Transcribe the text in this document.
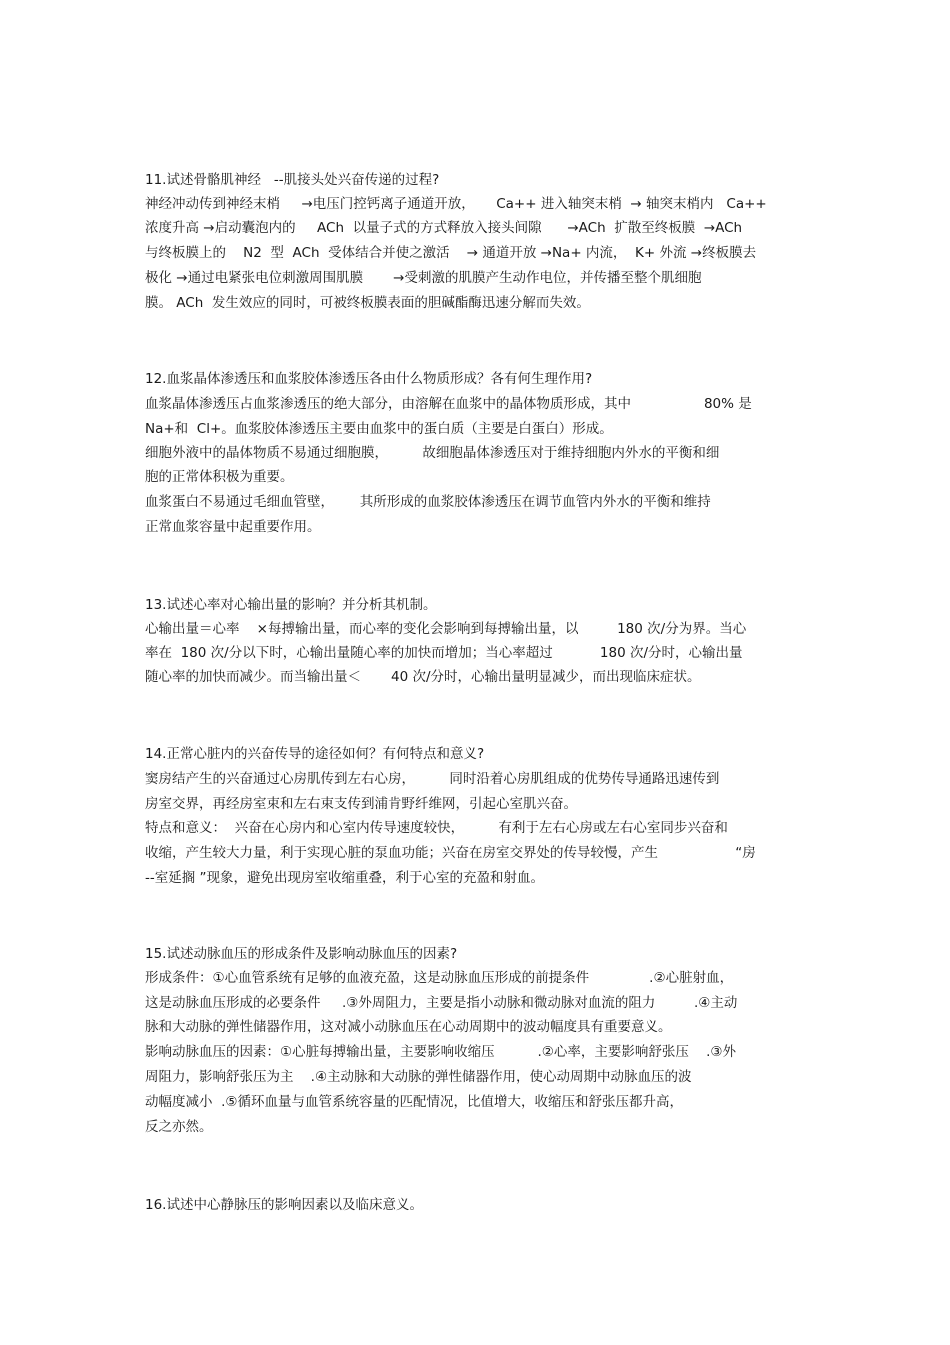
11.试述骨骼肌神经   --肌接头处兴奋传递的过程?
神经冲动传到神经末梢     →电压门控钙离子通道开放，     Ca++ 进入轴突末梢  → 轴突末梢内   Ca++
浓度升高 →启动囊泡内的     ACh  以量子式的方式释放入接头间隙      →ACh  扩散至终板膜  →ACh
与终板膜上的    N2  型  ACh  受体结合并使之激活    → 通道开放 →Na+ 内流，  K+ 外流 →终板膜去
极化 →通过电紧张电位刺激周围肌膜       →受刺激的肌膜产生动作电位，并传播至整个肌细胞
膜。 ACh  发生效应的同时，可被终板膜表面的胆碱酯酶迅速分解而失效。
12.血浆晶体渗透压和血浆胶体渗透压各由什么物质形成？各有何生理作用?
血浆晶体渗透压占血浆渗透压的绝大部分，由溶解在血浆中的晶体物质形成，其中                 80% 是
Na+和  Cl+。血浆胶体渗透压主要由血浆中的蛋白质（主要是白蛋白）形成。
细胞外液中的晶体物质不易通过细胞膜，        故细胞晶体渗透压对于维持细胞内外水的平衡和细
胞的正常体积极为重要。
血浆蛋白不易通过毛细血管壁，      其所形成的血浆胶体渗透压在调节血管内外水的平衡和维持
正常血浆容量中起重要作用。
13.试述心率对心输出量的影响？并分析其机制。
心输出量＝心率    ×每搏输出量，而心率的变化会影响到每搏输出量，以         180 次/分为界。当心
率在  180 次/分以下时，心输出量随心率的加快而增加；当心率超过           180 次/分时，心输出量
随心率的加快而减少。而当输出量＜       40 次/分时，心输出量明显减少，而出现临床症状。
14.正常心脏内的兴奋传导的途径如何？有何特点和意义?
窦房结产生的兴奋通过心房肌传到左右心房，        同时沿着心房肌组成的优势传导通路迅速传到
房室交界，再经房室束和左右束支传到浦肯野纤维网，引起心室肌兴奋。
特点和意义：  兴奋在心房内和心室内传导速度较快，        有利于左右心房或左右心室同步兴奋和
收缩，产生较大力量，利于实现心脏的泵血功能；兴奋在房室交界处的传导较慢，产生                  “房
--室延搁 ”现象，避免出现房室收缩重叠，利于心室的充盈和射血。
15.试述动脉血压的形成条件及影响动脉血压的因素?
形成条件：①心血管系统有足够的血液充盈，这是动脉血压形成的前提条件              .②心脏射血，
这是动脉血压形成的必要条件     .③外周阻力，主要是指小动脉和微动脉对血流的阻力         .④主动
脉和大动脉的弹性储器作用，这对减小动脉血压在心动周期中的波动幅度具有重要意义。
影响动脉血压的因素：①心脏每搏输出量，主要影响收缩压          .②心率，主要影响舒张压    .③外
周阻力，影响舒张压为主    .④主动脉和大动脉的弹性储器作用，使心动周期中动脉血压的波
动幅度减小  .⑤循环血量与血管系统容量的匹配情况，比值增大，收缩压和舒张压都升高，
反之亦然。
16.试述中心静脉压的影响因素以及临床意义。
